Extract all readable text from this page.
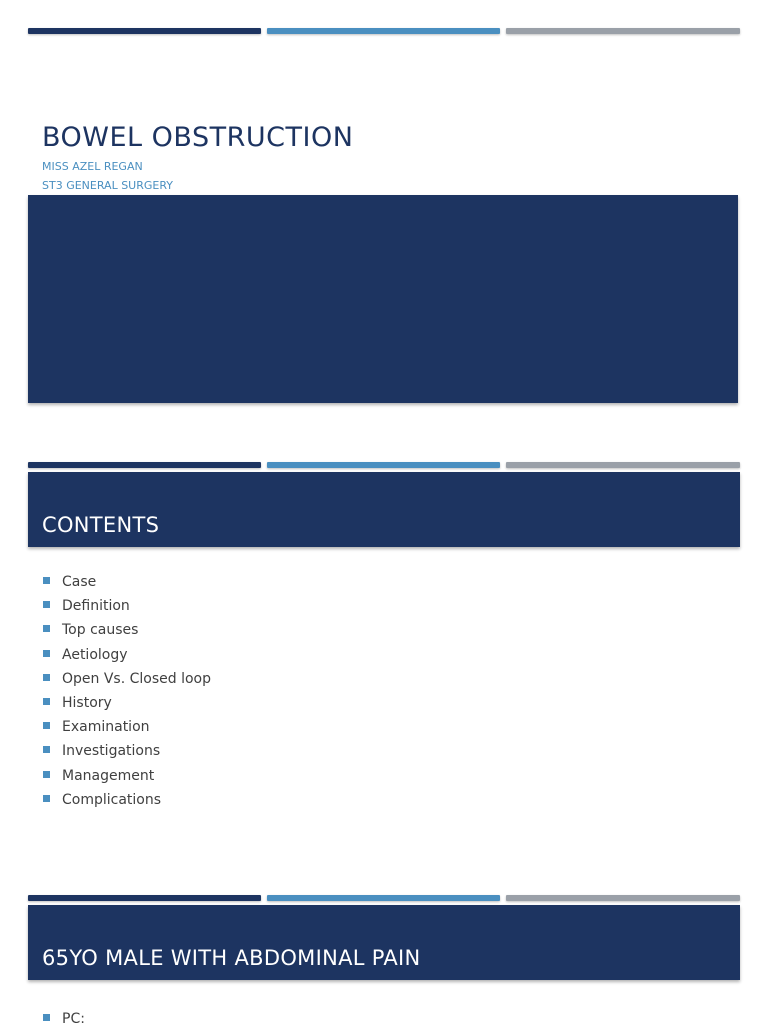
BOWEL OBSTRUCTION

MISS AZEL REGAN

ST3 GENERAL SURGERY

CONTENTS
Case
Definition
Top causes
Aetiology
Open Vs. Closed loop
History
Examination
Investigations
Management
Complications
65YO MALE WITH ABDOMINAL PAIN
PC:
